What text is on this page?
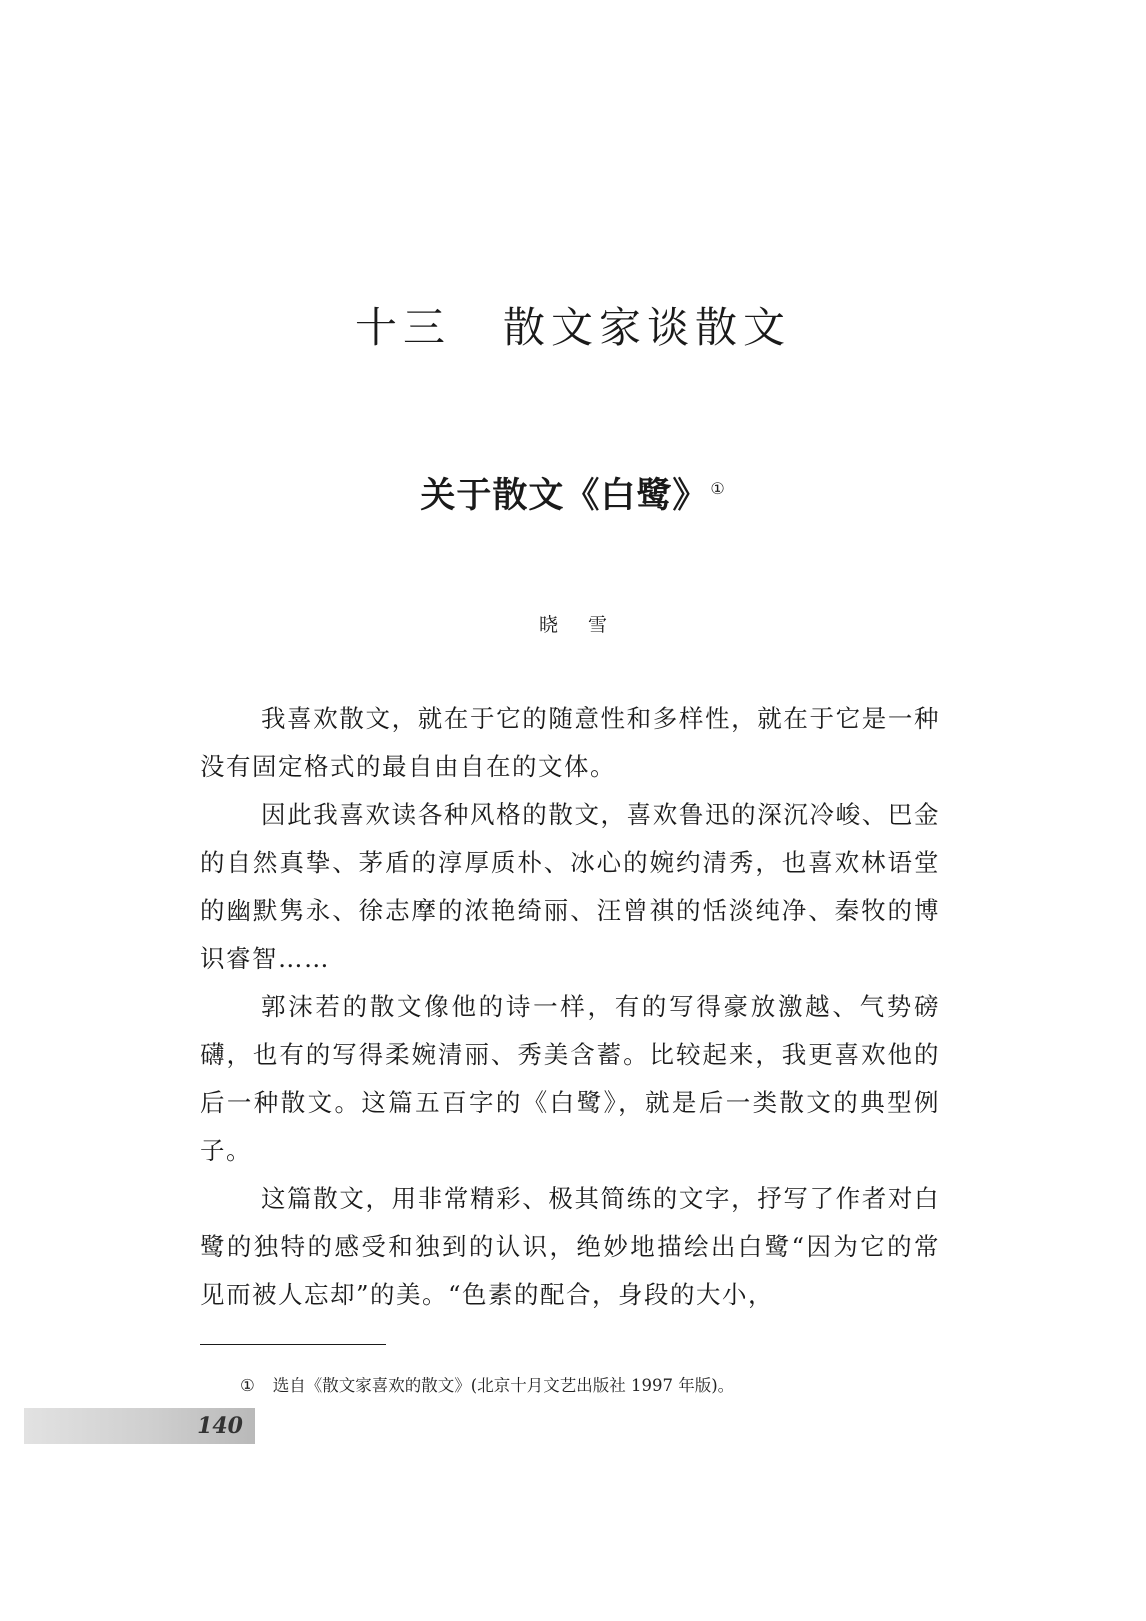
十三 散文家谈散文
关于散文《白鹭》 ①

晓雪

我喜欢散文，就在于它的随意性和多样性，就在于它是一种没有固定格式的最自由自在的文体。

因此我喜欢读各种风格的散文，喜欢鲁迅的深沉冷峻、巴金的自然真挚、茅盾的淳厚质朴、冰心的婉约清秀，也喜欢林语堂的幽默隽永、徐志摩的浓艳绮丽、汪曾祺的恬淡纯净、秦牧的博识睿智……

郭沫若的散文像他的诗一样，有的写得豪放激越、气势磅礴，也有的写得柔婉清丽、秀美含蓄。比较起来，我更喜欢他的后一种散文。这篇五百字的《白鹭》，就是后一类散文的典型例子。

这篇散文，用非常精彩、极其简练的文字，抒写了作者对白鹭的独特的感受和独到的认识，绝妙地描绘出白鹭“因为它的常见而被人忘却”的美。“色素的配合，身段的大小，

① 选自《散文家喜欢的散文》(北京十月文艺出版社 1997 年版)。

140
